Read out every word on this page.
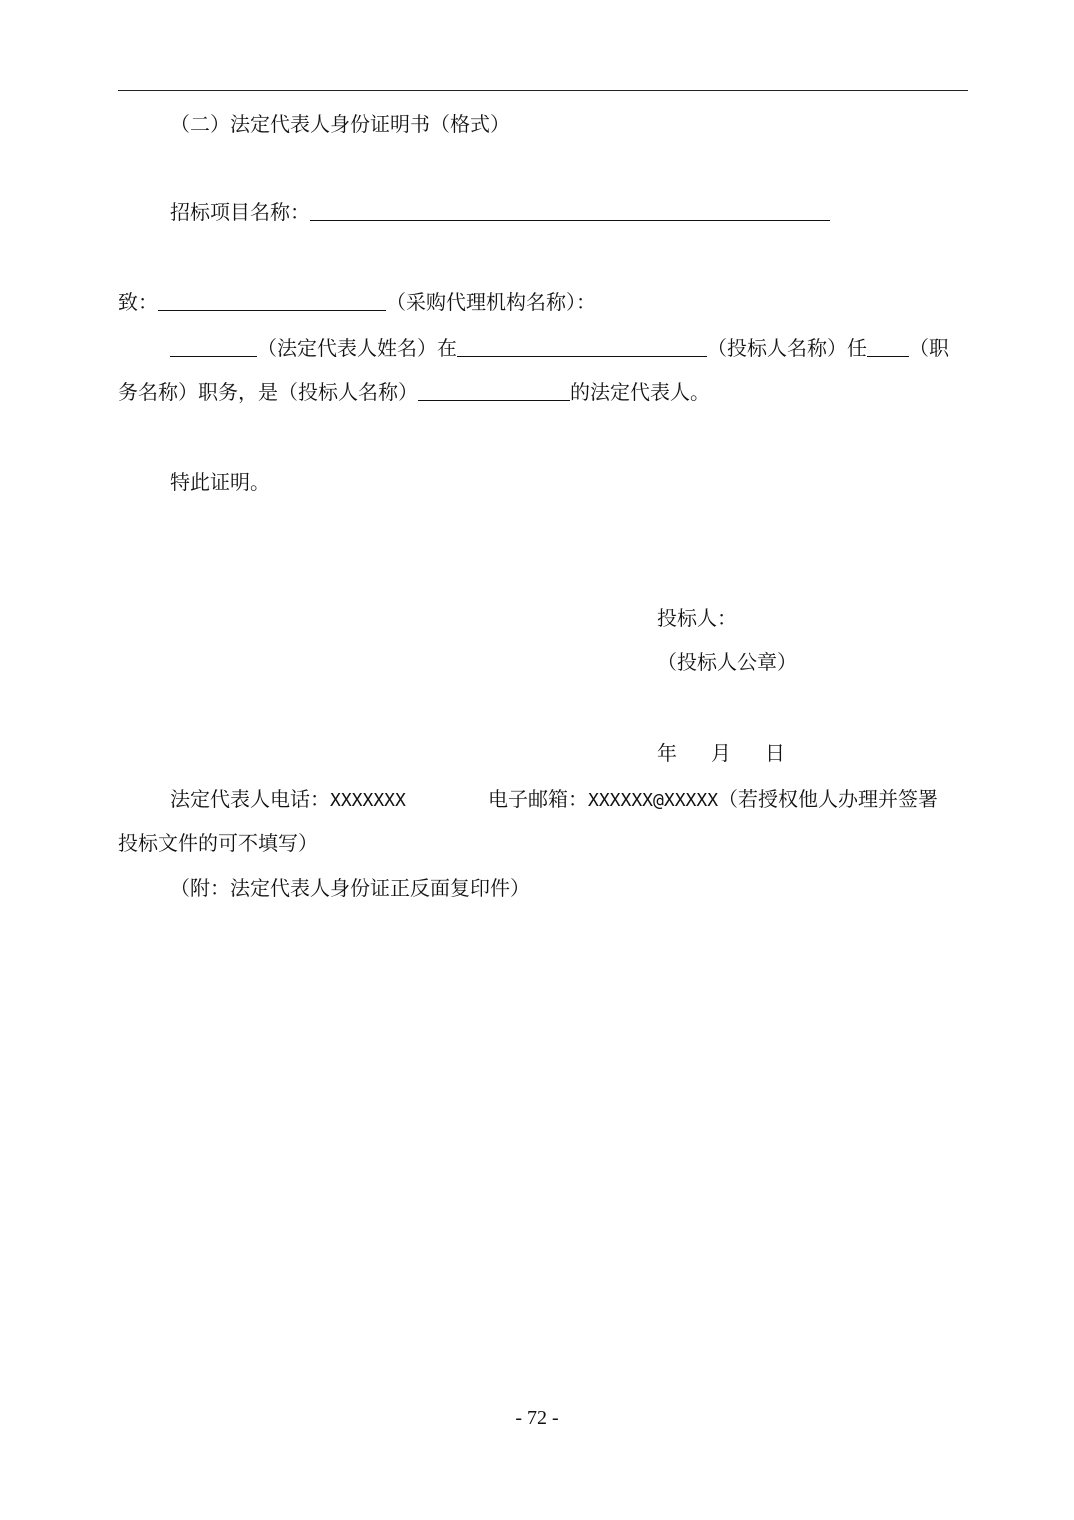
（二）法定代表人身份证明书（格式）
招标项目名称：
致：	（采购代理机构名称）：
（法定代表人姓名）在	（投标人名称）任 （职
务名称）职务，是（投标人名称）	的法定代表人。
特此证明。
投标人：
（投标人公章）
年 月 日
法定代表人电话：XXXXXXX	电子邮箱：XXXXXX@XXXXX（若授权他人办理并签署
投标文件的可不填写）
（附：法定代表人身份证正反面复印件）
- 72 -
